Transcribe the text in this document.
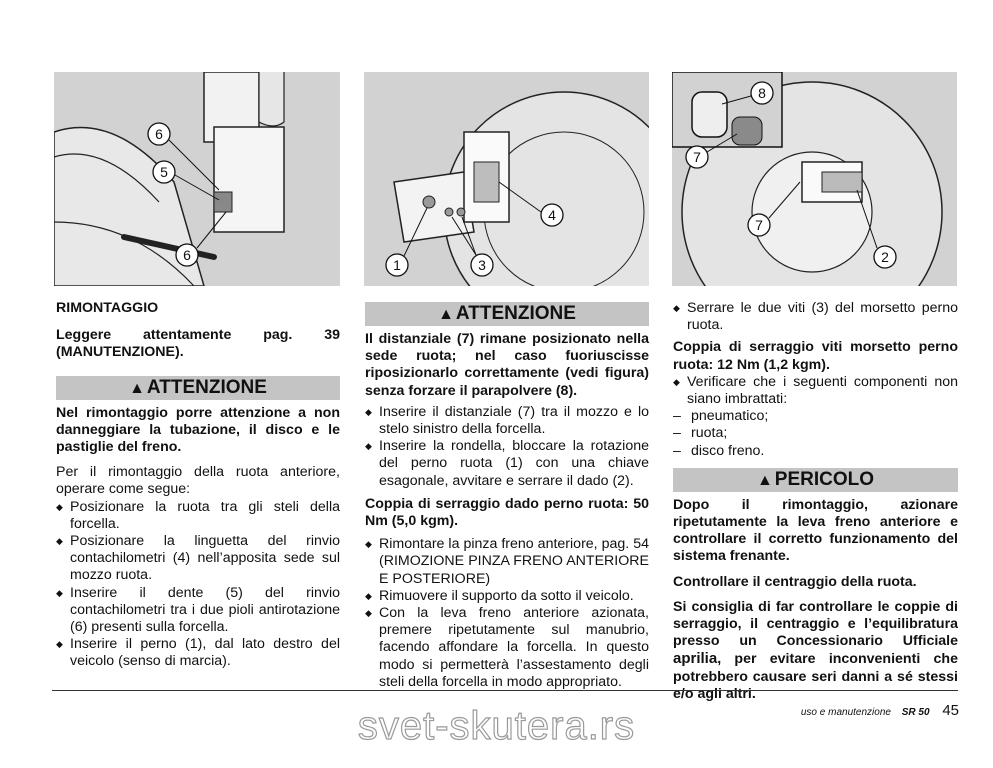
6
5
6
1	3
4
8
7
7
2

RIMONTAGGIO

Leggere attentamente pag. 39 (MANUTENZIONE).

▲ ATTENZIONE

Nel rimontaggio porre attenzione a non danneggiare la tubazione, il disco e le pastiglie del freno.

Per il rimontaggio della ruota anteriore, operare come segue:

◆ Posizionare la ruota tra gli steli della forcella.
◆ Posizionare la linguetta del rinvio contachilometri (4) nell’apposita sede sul mozzo ruota.
◆ Inserire il dente (5) del rinvio contachilometri tra i due pioli antirotazione (6) presenti sulla forcella.
◆ Inserire il perno (1), dal lato destro del veicolo (senso di marcia).
▲ ATTENZIONE

Il distanziale (7) rimane posizionato nella sede ruota; nel caso fuoriuscisse riposizionarlo correttamente (vedi figura) senza forzare il parapolvere (8).

◆ Inserire il distanziale (7) tra il mozzo e lo stelo sinistro della forcella.
◆ Inserire la rondella, bloccare la rotazione del perno ruota (1) con una chiave esagonale, avvitare e serrare il dado (2).

Coppia di serraggio dado perno ruota: 50 Nm (5,0 kgm).

◆ Rimontare la pinza freno anteriore, pag. 54 (RIMOZIONE PINZA FRENO ANTERIORE E POSTERIORE)
◆ Rimuovere il supporto da sotto il veicolo.
◆ Con la leva freno anteriore azionata, premere ripetutamente sul manubrio, facendo affondare la forcella. In questo modo si permetterà l’assestamento degli steli della forcella in modo appropriato.
◆ Serrare le due viti (3) del morsetto perno ruota.

Coppia di serraggio viti morsetto perno ruota: 12 Nm (1,2 kgm).

◆ Verificare che i seguenti componenti non siano imbrattati:
– pneumatico;
– ruota;
– disco freno.
▲ PERICOLO

Dopo il rimontaggio, azionare ripetutamente la leva freno anteriore e controllare il corretto funzionamento del sistema frenante.

Controllare il centraggio della ruota.

Si consiglia di far controllare le coppie di serraggio, il centraggio e l’equilibratura presso un Concessionario Ufficiale aprilia, per evitare inconvenienti che potrebbero causare seri danni a sé stessi e/o agli altri.

uso e manutenzione SR 50 45
svet-skutera.rs
